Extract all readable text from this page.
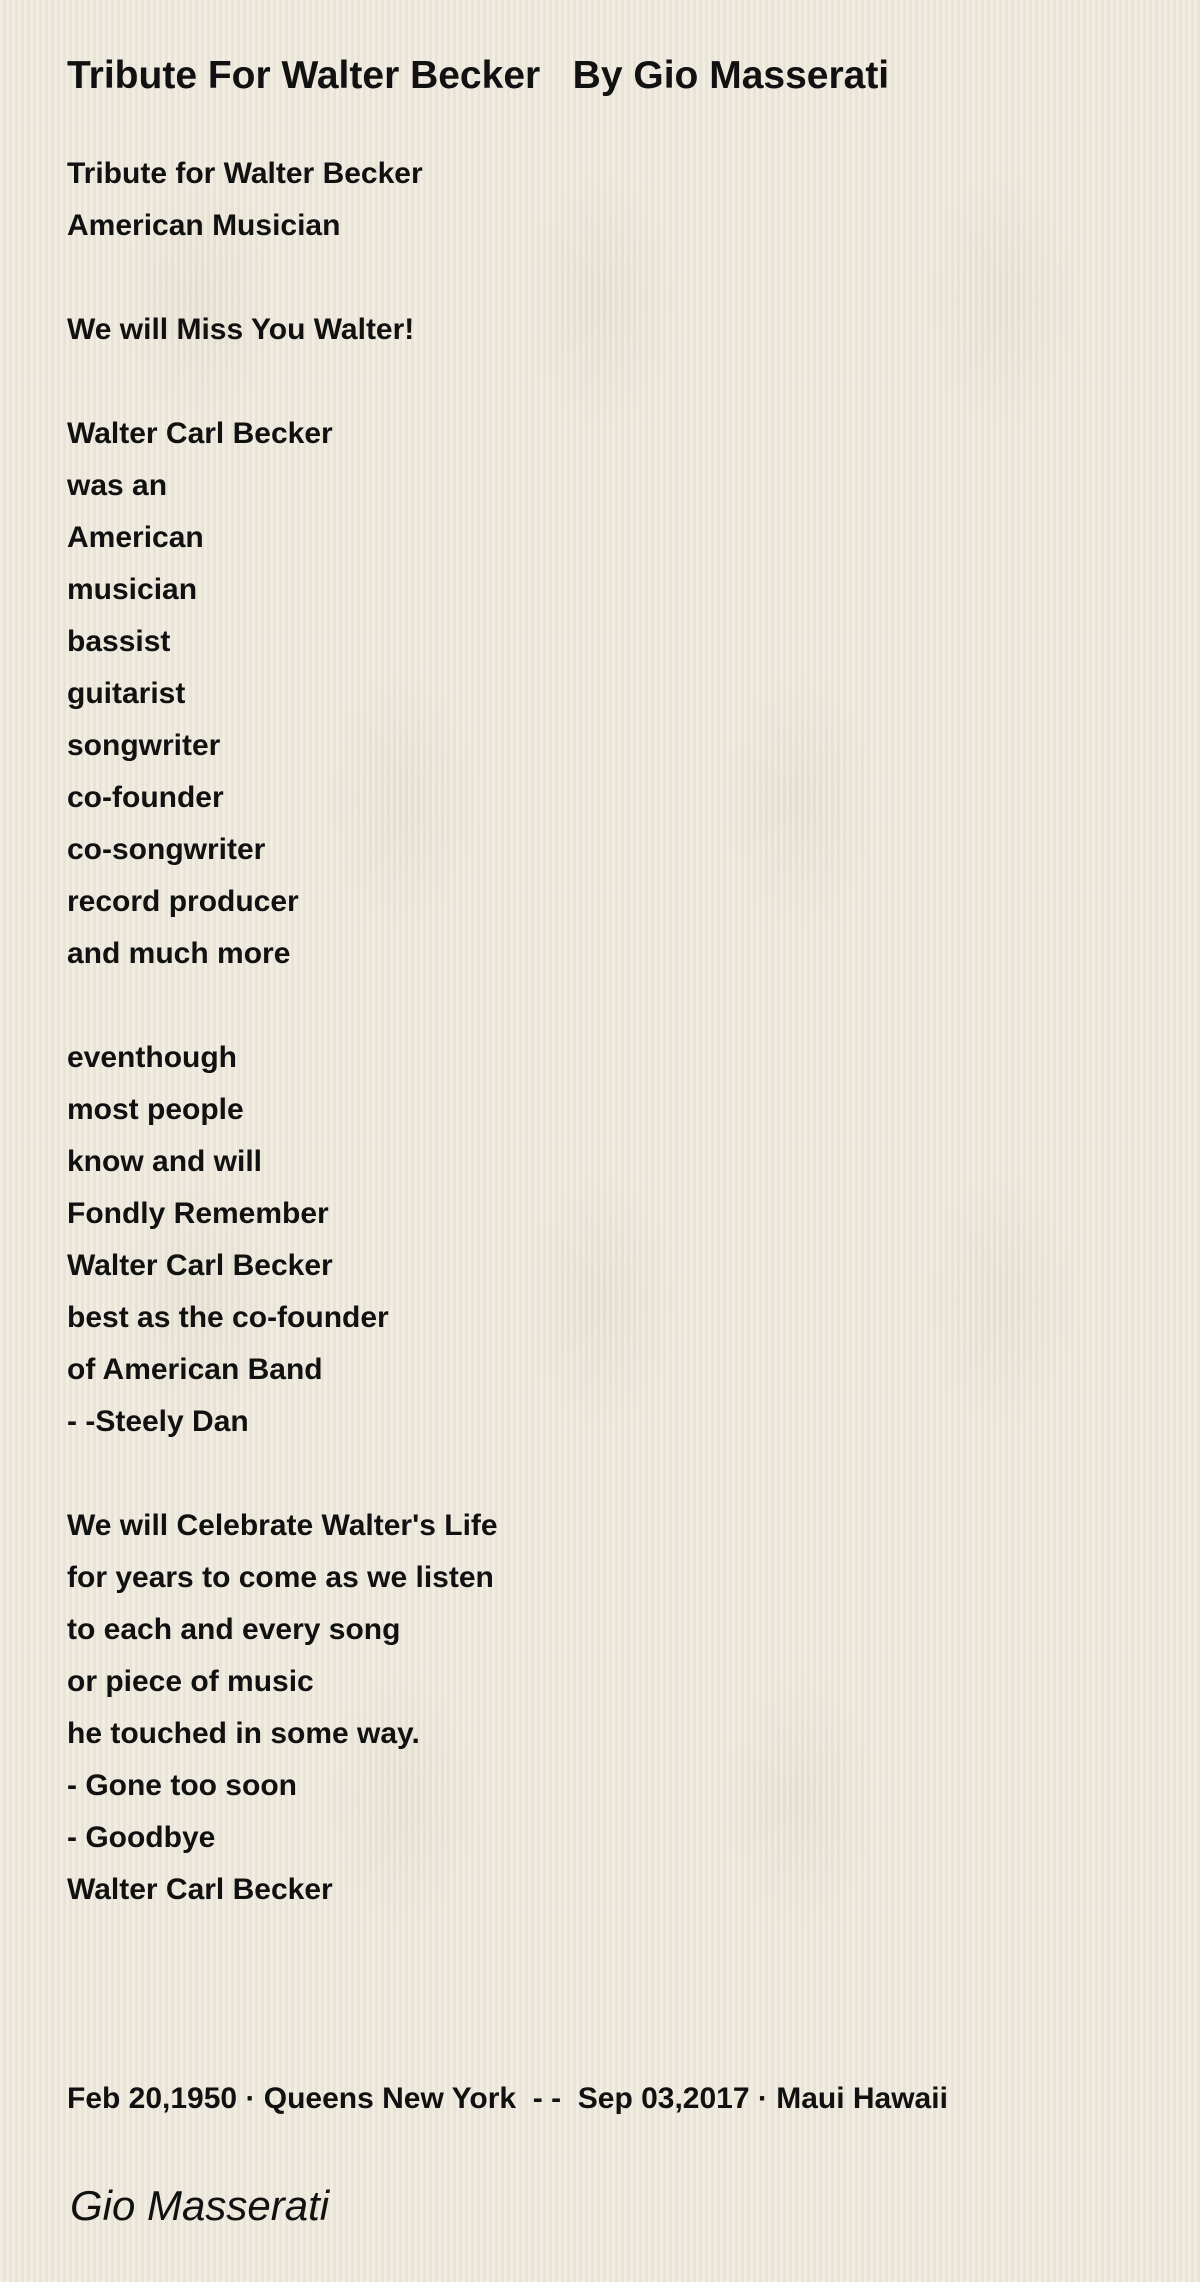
Tribute For Walter Becker   By Gio Masserati
Tribute for Walter Becker
American Musician
We will Miss You Walter!
Walter Carl Becker
was an
American
musician
bassist
guitarist
songwriter
co-founder
co-songwriter
record producer
and much more
eventhough
most people
know and will
Fondly Remember
Walter Carl Becker
best as the co-founder
of American Band
- -Steely Dan
We will Celebrate Walter's Life
for years to come as we listen
to each and every song
or piece of music
he touched in some way.
- Gone too soon
- Goodbye
Walter Carl Becker
Feb 20,1950 · Queens New York  - -  Sep 03,2017 · Maui Hawaii
Gio Masserati
